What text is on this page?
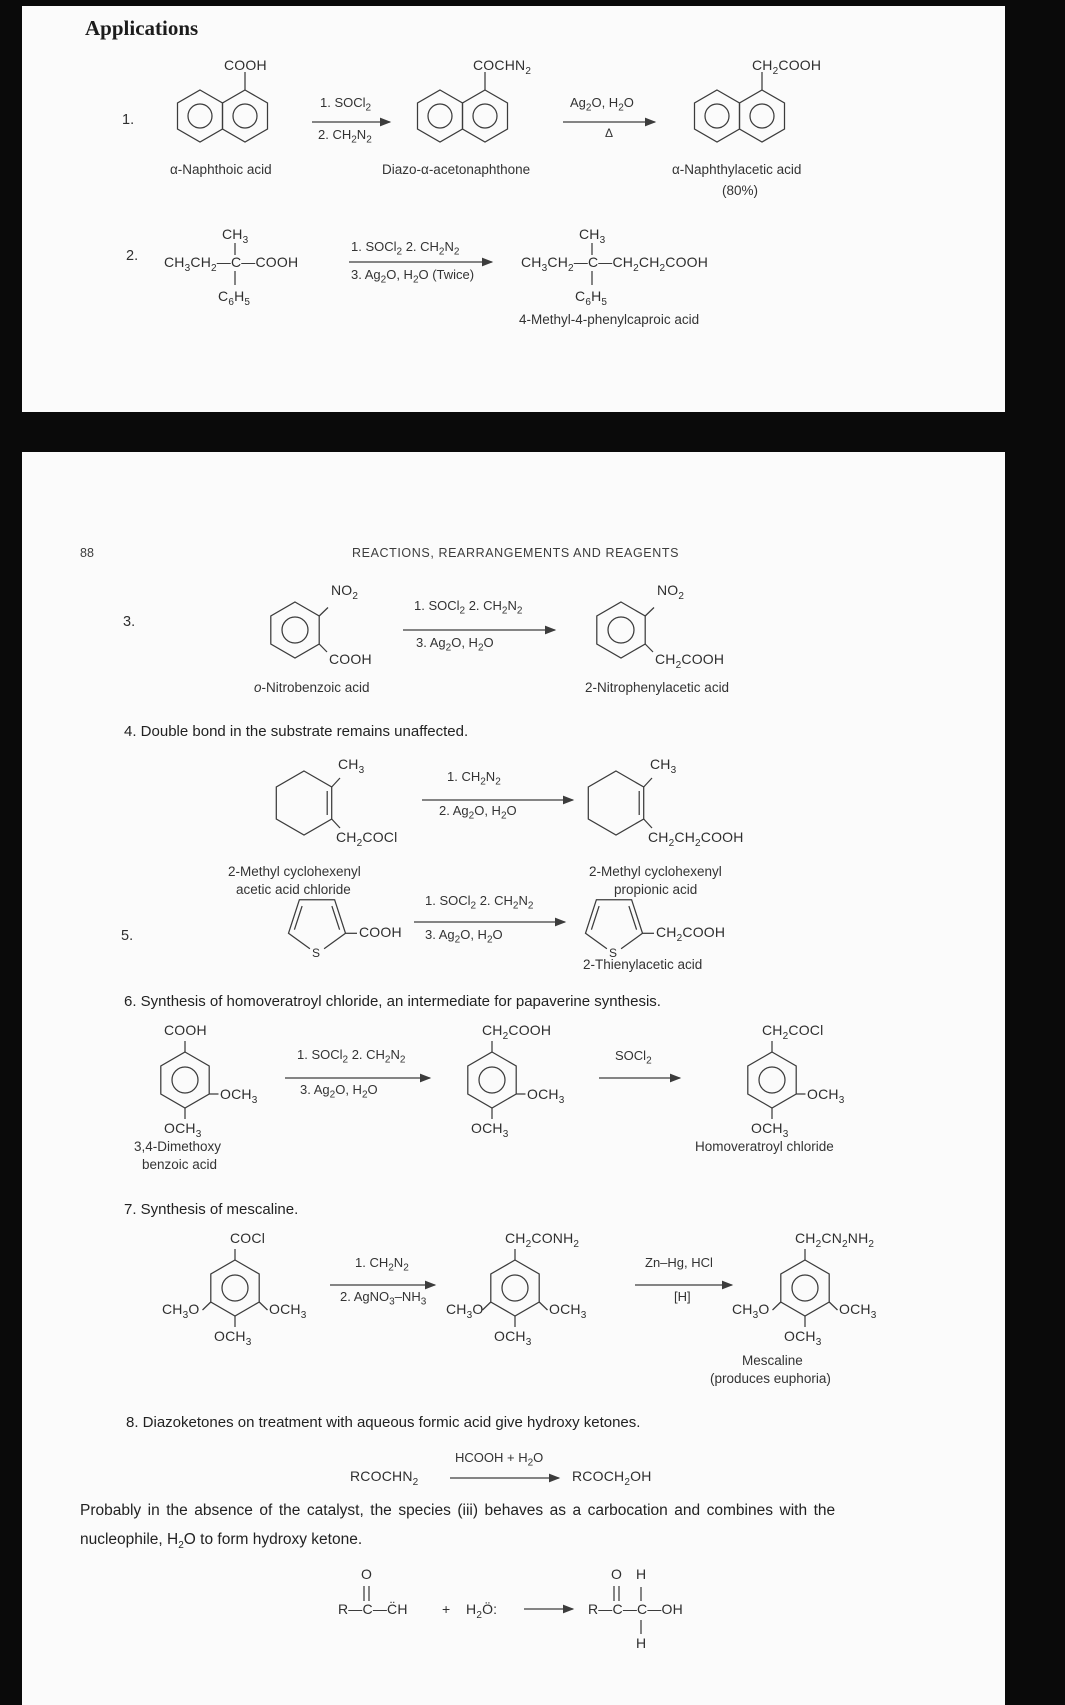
Applications
1.
COOH
α-Naphthoic acid
1. SOCl$_2$
2. $CH_2N_2$
$COCHN_2$
Diazo-α-acetonaphthone
$Ag_2O$, $H_2O$
Δ
$CH_2COOH$
α-Naphthylacetic acid
(80%)
2.
$CH_3$
$CH_3CH_2—C—COOH$
$C_6H_5$
1. SOCl$_2$ 2. $CH_2N_2$
3. $Ag_2O$, $H_2O$ (Twice)
$CH_3$
$CH_3CH_2—C—CH_2CH_2COOH$
$C_6H_5$
4-Methyl-4-phenylcaproic acid
88	REACTIONS, REARRANGEMENTS AND REAGENTS
3.
$NO_2$
COOH
o-Nitrobenzoic acid
1. SOCl$_2$ 2. $CH_2N_2$
3. $Ag_2O$, $H_2O$
$NO_2$
$CH_2COOH$
2-Nitrophenylacetic acid
4. Double bond in the substrate remains unaffected.
$CH_3$
$CH_2COCl$
2-Methyl cyclohexenyl
acetic acid chloride
1. $CH_2N_2$
2. $Ag_2O$, $H_2O$
$CH_3$
$CH_2CH_2COOH$
2-Methyl cyclohexenyl
propionic acid
5.
S
COOH
1. SOCl$_2$ 2. $CH_2N_2$
3. $Ag_2O$, $H_2O$
S
$CH_2COOH$
2-Thienylacetic acid
6. Synthesis of homoveratroyl chloride, an intermediate for papaverine synthesis.
COOH
$OCH_3$
$OCH_3$
3,4-Dimethoxy
benzoic acid
1. SOCl$_2$ 2. $CH_2N_2$
3. $Ag_2O$, $H_2O$
$CH_2COOH$
$OCH_3$
$OCH_3$
SOCl$_2$
$CH_2COCl$
$OCH_3$
$OCH_3$
Homoveratroyl chloride
7. Synthesis of mescaline.
COCl
$CH_3O$	$OCH_3$
$OCH_3$
1. $CH_2N_2$
2. $AgNO_3-NH_3$
$CH_2CONH_2$
$CH_3O$	$OCH_3$
$OCH_3$
Zn–Hg, HCl
[H]
$CH_2CN_2NH_2$
$CH_3O$	$OCH_3$
$OCH_3$
Mescaline
(produces euphoria)
8. Diazoketones on treatment with aqueous formic acid give hydroxy ketones.
$RCOCHN_2$
HCOOH + $H_2O$
$RCOCH_2OH$
Probably in the absence of the catalyst, the species (iii) behaves as a carbocation and combines with the
nucleophile, $H_2O$ to form hydroxy ketone.
O
R—C—C̈H + $H_2Ö$:
O H
R—C—C—OH
H
